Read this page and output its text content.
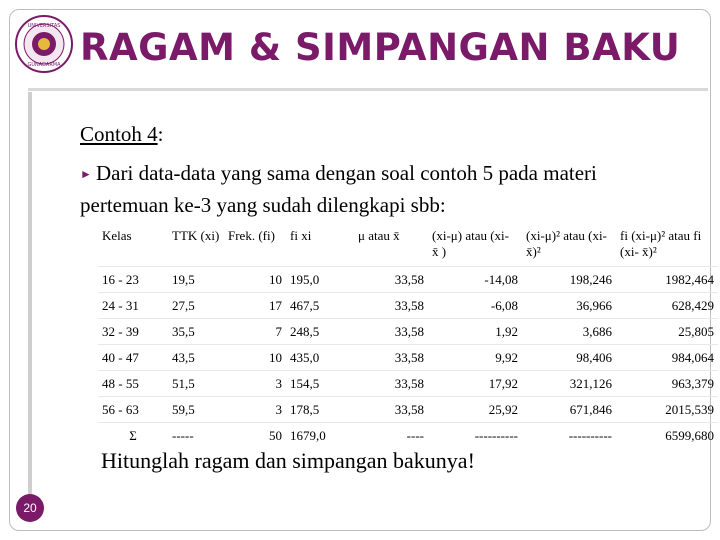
UNIVERSITAS
GUNADARMA RAGAM & SIMPANGAN BAKU
Contoh 4:
► Dari data-data yang sama dengan soal contoh 5 pada materi pertemuan ke-3 yang sudah dilengkapi sbb:
Kelas	TTK (xi)	Frek. (fi)	fi xi	μ atau x̄	(xi-μ) atau (xi- x̄ )	(xi-μ)² atau (xi- x̄)²	fi (xi-μ)² atau fi (xi- x̄)²
16 - 23	19,5	10	195,0	33,58	-14,08	198,246	1982,464
24 - 31	27,5	17	467,5	33,58	-6,08	36,966	628,429
32 - 39	35,5	7	248,5	33,58	1,92	3,686	25,805
40 - 47	43,5	10	435,0	33,58	9,92	98,406	984,064
48 - 55	51,5	3	154,5	33,58	17,92	321,126	963,379
56 - 63	59,5	3	178,5	33,58	25,92	671,846	2015,539
Σ	-----	50	1679,0	----	----------	----------	6599,680
Hitunglah ragam dan simpangan bakunya!
20
